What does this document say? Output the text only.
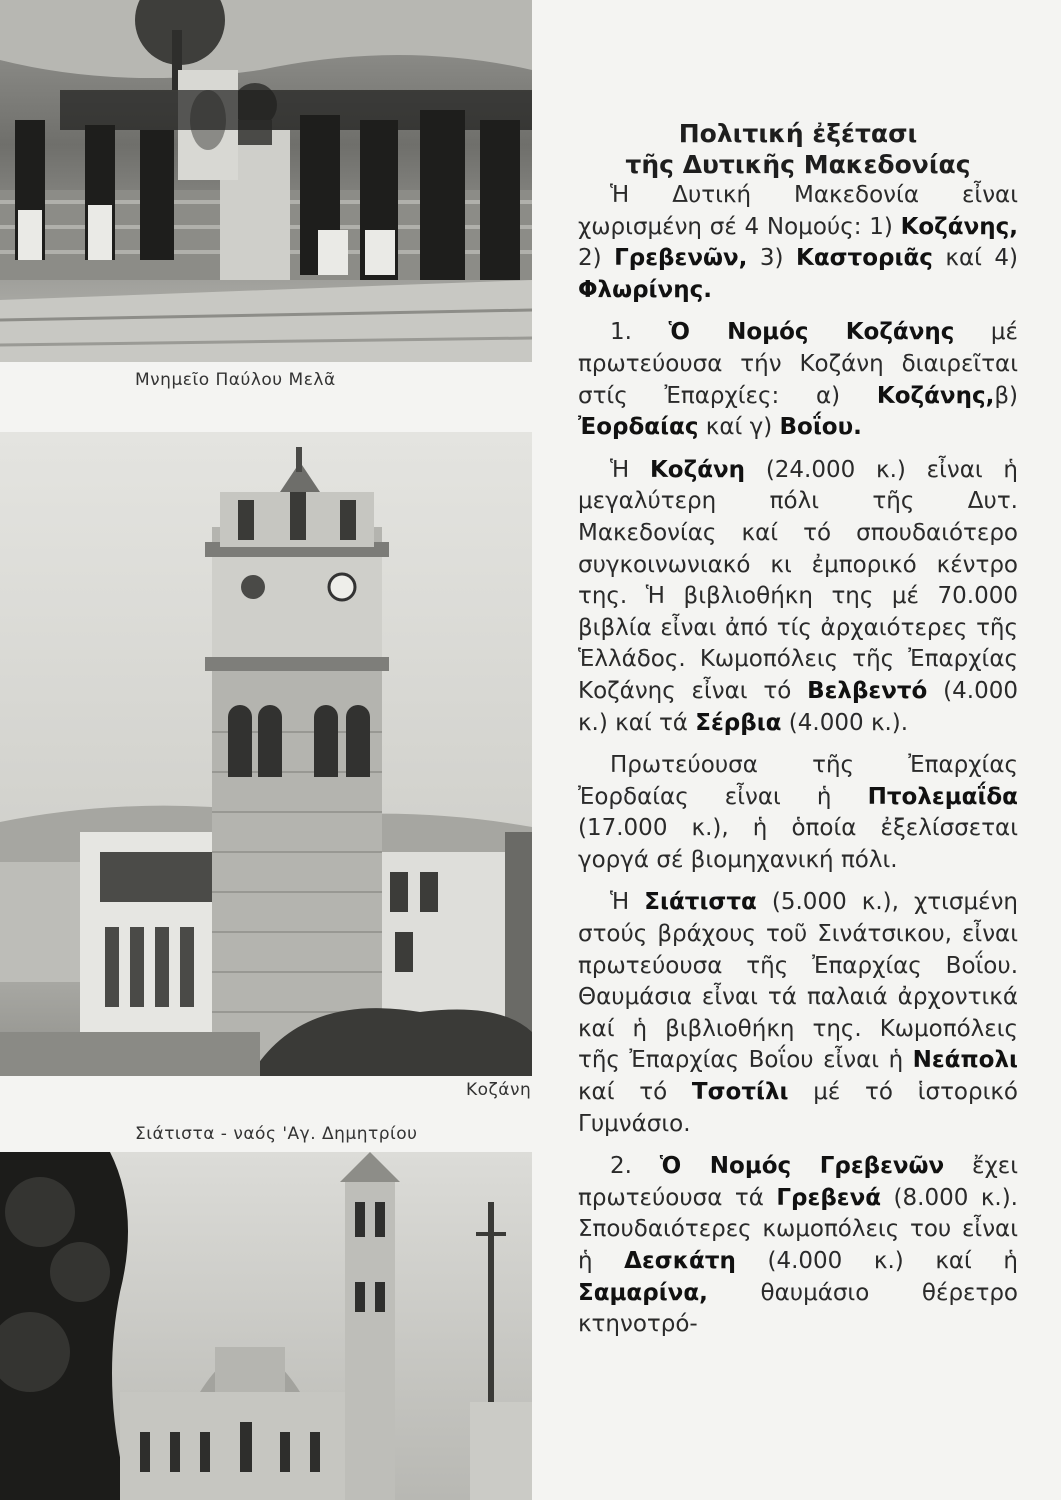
Μνημεῖο Παύλου Μελᾶ
Κοζάνη
Σιάτιστα - ναός 'Αγ. Δημητρίου

Πολιτική ἐξέτασι

τῆς Δυτικῆς Μακεδονίας

Ἡ Δυτική Μακεδονία εἶναι χωρισμένη σέ 4 Νομούς: 1) Κοζάνης, 2) Γρεβενῶν, 3) Καστοριᾶς καί 4) Φλωρίνης.

1. Ὁ Νομός Κοζάνης μέ πρωτεύουσα τήν Κοζάνη διαιρεῖται στίς Ἐπαρχίες: α) Κοζάνης,β) Ἐορδαίας καί γ) Βοΐου.

Ἡ Κοζάνη (24.000 κ.) εἶναι ἡ μεγαλύτερη πόλι τῆς Δυτ. Μακεδονίας καί τό σπουδαιότερο συγκοινωνιακό κι ἐμπορικό κέντρο της. Ἡ βιβλιοθήκη της μέ 70.000 βιβλία εἶναι ἀπό τίς ἀρχαιότερες τῆς Ἑλλάδος. Κωμοπόλεις τῆς Ἐπαρχίας Κοζάνης εἶναι τό Βελβεντό (4.000 κ.) καί τά Σέρβια (4.000 κ.).

Πρωτεύουσα τῆς Ἐπαρχίας Ἐορδαίας εἶναι ἡ Πτολεμαΐδα (17.000 κ.), ἡ ὁποία ἐξελίσσεται γοργά σέ βιομηχανική πόλι.

Ἡ Σιάτιστα (5.000 κ.), χτισμένη στούς βράχους τοῦ Σινάτσικου, εἶναι πρωτεύουσα τῆς Ἐπαρχίας Βοΐου. Θαυμάσια εἶναι τά παλαιά ἀρχοντικά καί ἡ βιβλιοθήκη της. Κωμοπόλεις τῆς Ἐπαρχίας Βοΐου εἶναι ἡ Νεάπολι καί τό Τσοτίλι μέ τό ἱστορικό Γυμνάσιο.

2. Ὁ Νομός Γρεβενῶν ἔχει πρωτεύουσα τά Γρεβενά (8.000 κ.). Σπουδαιότερες κωμοπόλεις του εἶναι ἡ Δεσκάτη (4.000 κ.) καί ἡ Σαμαρίνα, θαυμάσιο θέρετρο κτηνοτρό-
